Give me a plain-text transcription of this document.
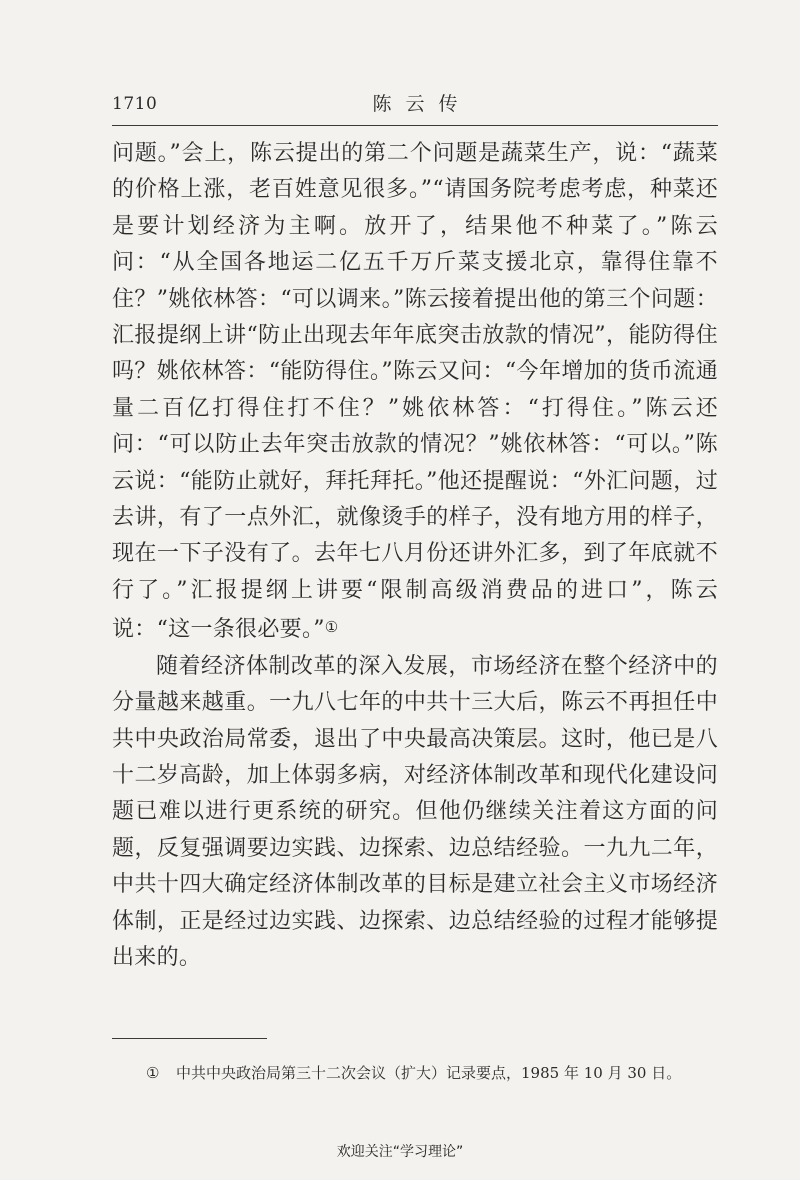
1710	陈云传

问题。”会上，陈云提出的第二个问题是蔬菜生产，说：“蔬菜的价格上涨，老百姓意见很多。”“请国务院考虑考虑，种菜还是要计划经济为主啊。放开了，结果他不种菜了。”陈云问：“从全国各地运二亿五千万斤菜支援北京，靠得住靠不住？”姚依林答：“可以调来。”陈云接着提出他的第三个问题：汇报提纲上讲“防止出现去年年底突击放款的情况”，能防得住吗？姚依林答：“能防得住。”陈云又问：“今年增加的货币流通量二百亿打得住打不住？”姚依林答：“打得住。”陈云还问：“可以防止去年突击放款的情况？”姚依林答：“可以。”陈云说：“能防止就好，拜托拜托。”他还提醒说：“外汇问题，过去讲，有了一点外汇，就像烫手的样子，没有地方用的样子，现在一下子没有了。去年七八月份还讲外汇多，到了年底就不行了。”汇报提纲上讲要“限制高级消费品的进口”，陈云说：“这一条很必要。”①

随着经济体制改革的深入发展，市场经济在整个经济中的分量越来越重。一九八七年的中共十三大后，陈云不再担任中共中央政治局常委，退出了中央最高决策层。这时，他已是八十二岁高龄，加上体弱多病，对经济体制改革和现代化建设问题已难以进行更系统的研究。但他仍继续关注着这方面的问题，反复强调要边实践、边探索、边总结经验。一九九二年，中共十四大确定经济体制改革的目标是建立社会主义市场经济体制，正是经过边实践、边探索、边总结经验的过程才能够提出来的。

① 中共中央政治局第三十二次会议（扩大）记录要点，1985 年 10 月 30 日。
欢迎关注“学习理论”
